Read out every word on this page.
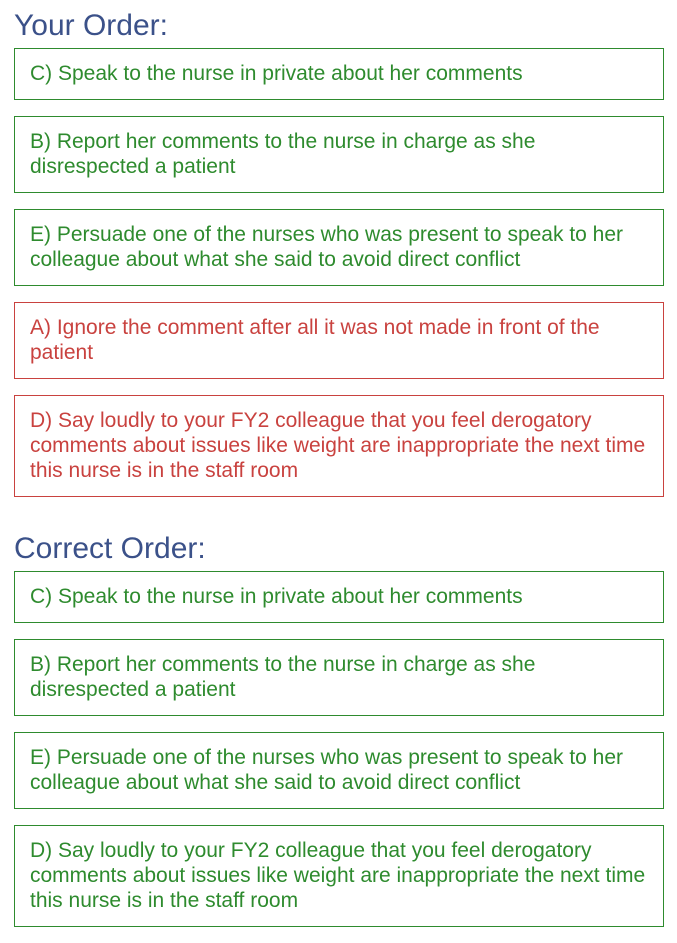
Your Order:
C) Speak to the nurse in private about her comments
B) Report her comments to the nurse in charge as she disrespected a patient
E) Persuade one of the nurses who was present to speak to her colleague about what she said to avoid direct conflict
A) Ignore the comment after all it was not made in front of the patient
D) Say loudly to your FY2 colleague that you feel derogatory comments about issues like weight are inappropriate the next time this nurse is in the staff room
Correct Order:
C) Speak to the nurse in private about her comments
B) Report her comments to the nurse in charge as she disrespected a patient
E) Persuade one of the nurses who was present to speak to her colleague about what she said to avoid direct conflict
D) Say loudly to your FY2 colleague that you feel derogatory comments about issues like weight are inappropriate the next time this nurse is in the staff room
